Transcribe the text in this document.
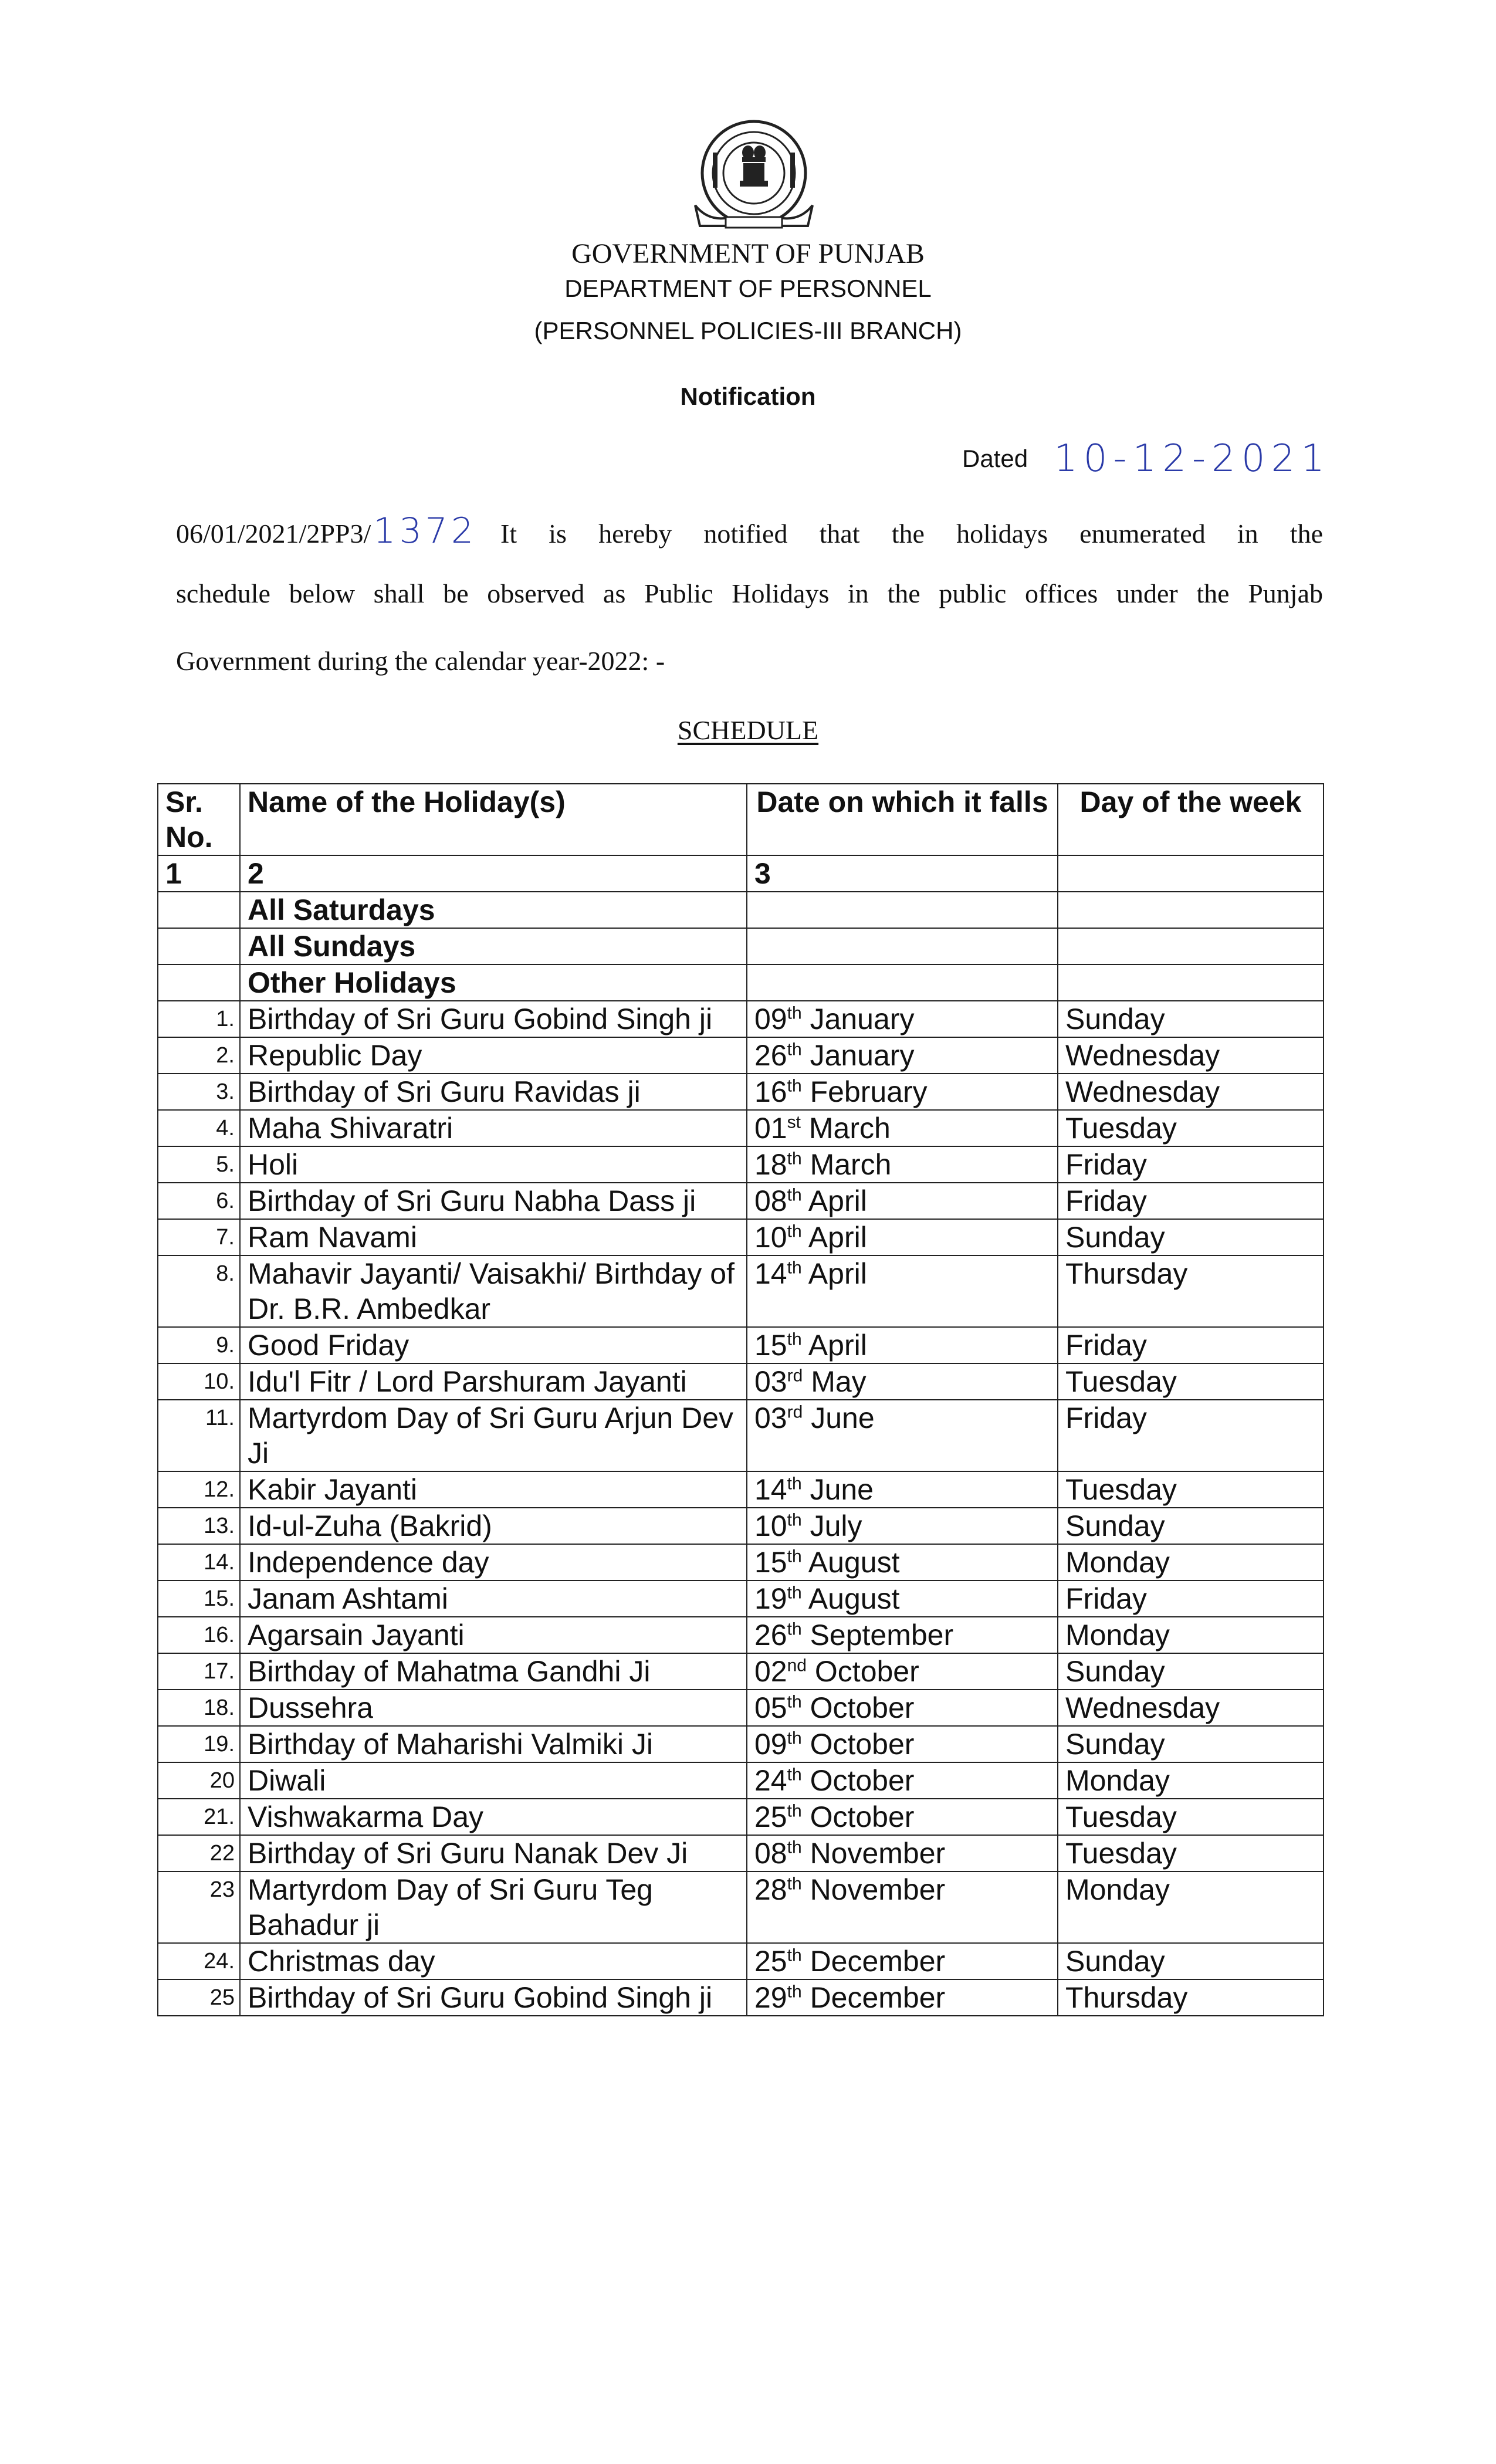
GOVERNMENT OF PUNJAB
DEPARTMENT OF PERSONNEL
(PERSONNEL POLICIES-III BRANCH)
Notification
Dated 10-12-2021
06/01/2021/2PP3/ 1372 It is hereby notified that the holidays enumerated in the
schedule below shall be observed as Public Holidays in the public offices under the Punjab
Government during the calendar year-2022: -
SCHEDULE
Sr. No.	Name of the Holiday(s)	Date on which it falls	Day of the week
1	2	3	
	All Saturdays		
	All Sundays		
	Other Holidays		
1.	Birthday of Sri Guru Gobind Singh ji	09th January	Sunday
2.	Republic Day	26th January	Wednesday
3.	Birthday of Sri Guru Ravidas ji	16th February	Wednesday
4.	Maha Shivaratri	01st March	Tuesday
5.	Holi	18th March	Friday
6.	Birthday of Sri Guru Nabha Dass ji	08th April	Friday
7.	Ram Navami	10th April	Sunday
8.	Mahavir Jayanti/ Vaisakhi/ Birthday of Dr. B.R. Ambedkar	14th April	Thursday
9.	Good Friday	15th April	Friday
10.	Idu'l Fitr / Lord Parshuram Jayanti	03rd May	Tuesday
11.	Martyrdom Day of Sri Guru Arjun Dev Ji	03rd June	Friday
12.	Kabir Jayanti	14th June	Tuesday
13.	Id-ul-Zuha (Bakrid)	10th July	Sunday
14.	Independence day	15th August	Monday
15.	Janam Ashtami	19th August	Friday
16.	Agarsain Jayanti	26th September	Monday
17.	Birthday of Mahatma Gandhi Ji	02nd October	Sunday
18.	Dussehra	05th October	Wednesday
19.	Birthday of Maharishi Valmiki Ji	09th October	Sunday
20	Diwali	24th October	Monday
21.	Vishwakarma Day	25th October	Tuesday
22	Birthday of Sri Guru Nanak Dev Ji	08th November	Tuesday
23	Martyrdom Day of Sri Guru Teg Bahadur ji	28th November	Monday
24.	Christmas day	25th December	Sunday
25	Birthday of Sri Guru Gobind Singh ji	29th December	Thursday
